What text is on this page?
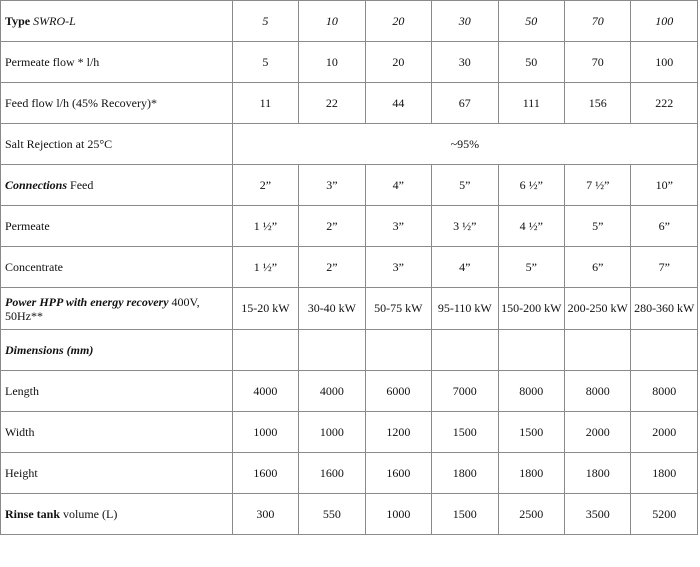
Type SWRO-L	5	10	20	30	50	70	100
Permeate flow * l/h	5	10	20	30	50	70	100
Feed flow l/h (45% Recovery)*	11	22	44	67	111	156	222
Salt Rejection at 25°C	~95%						
Connections Feed	2”	3”	4”	5”	6 ½”	7 ½”	10”
Permeate	1 ½”	2”	3”	3 ½”	4 ½”	5”	6”
Concentrate	1 ½”	2”	3”	4”	5”	6”	7”
Power HPP with energy recovery 400V, 50Hz**	15-20 kW	30-40 kW	50-75 kW	95-110 kW	150-200 kW	200-250 kW	280-360 kW
Dimensions (mm)							
Length	4000	4000	6000	7000	8000	8000	8000
Width	1000	1000	1200	1500	1500	2000	2000
Height	1600	1600	1600	1800	1800	1800	1800
Rinse tank volume (L)	300	550	1000	1500	2500	3500	5200
